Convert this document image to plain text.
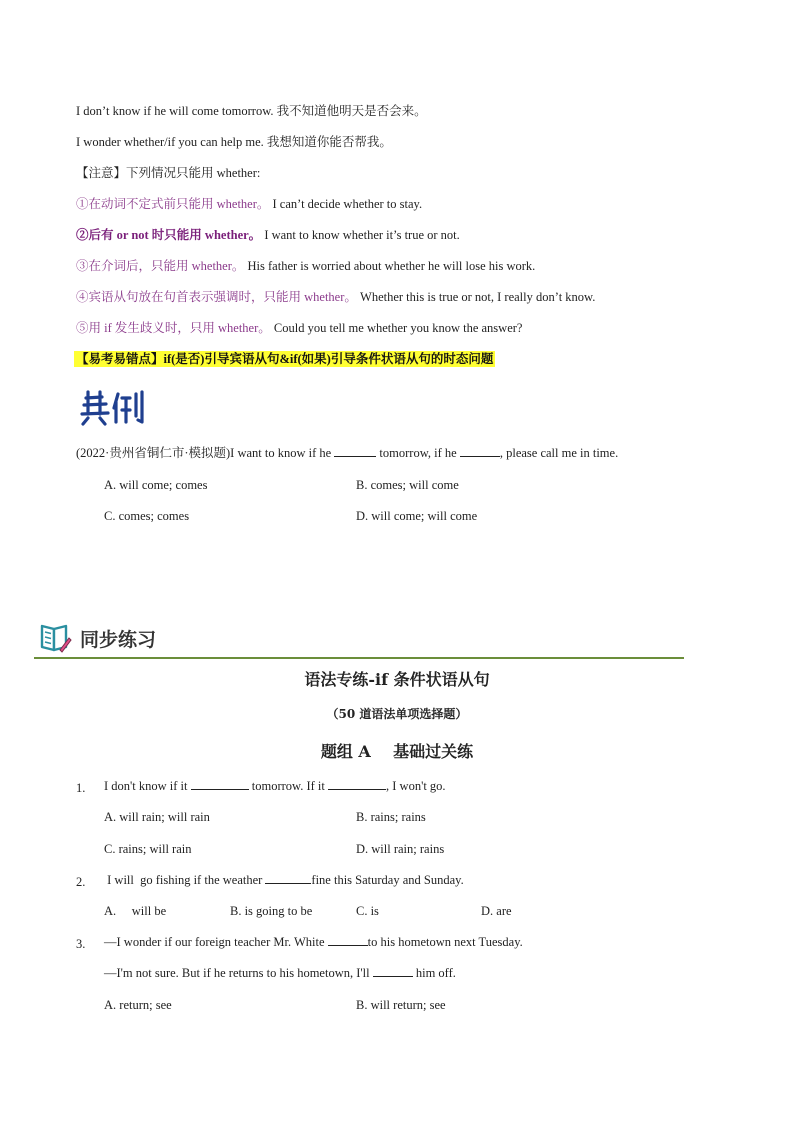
I don’t know if he will come tomorrow. 我不知道他明天是否会来。
I wonder whether/if you can help me. 我想知道你能否帮我。
【注意】下列情况只能用 whether:
①在动词不定式前只能用 whether。 I can’t decide whether to stay.
②后有 or not 时只能用 whether。 I want to know whether it’s true or not.
③在介词后，只能用 whether。 His father is worried about whether he will lose his work.
④宾语从句放在句首表示强调时，只能用 whether。 Whether this is true or not, I really don’t know.
⑤用 if 发生歧义时，只用 whether。 Could you tell me whether you know the answer?
【易考易错点】if(是否)引导宾语从句&if(如果)引导条件状语从句的时态问题
(2022·贵州省铜仁市·模拟题)I want to know if he	tomorrow, if he	, please call me in time.
A. will come; comes	B. comes; will come
C. comes; comes	D. will come; will come
同步练习
语法专练-if 条件状语从句
（50 道语法单项选择题）
题组 A    基础过关练
1. I don't know if it	tomorrow. If it	, I won't go.
A. will rain; will rain	B. rains; rains
C. rains; will rain	D. will rain; rains
2. I will  go fishing if the weather	fine this Saturday and Sunday.
A.     will be	B. is going to be	C. is	D. are
3. —I wonder if our foreign teacher Mr. White	to his hometown next Tuesday.
—I'm not sure. But if he returns to his hometown, I'll	him off.
A. return; see	B. will return; see
